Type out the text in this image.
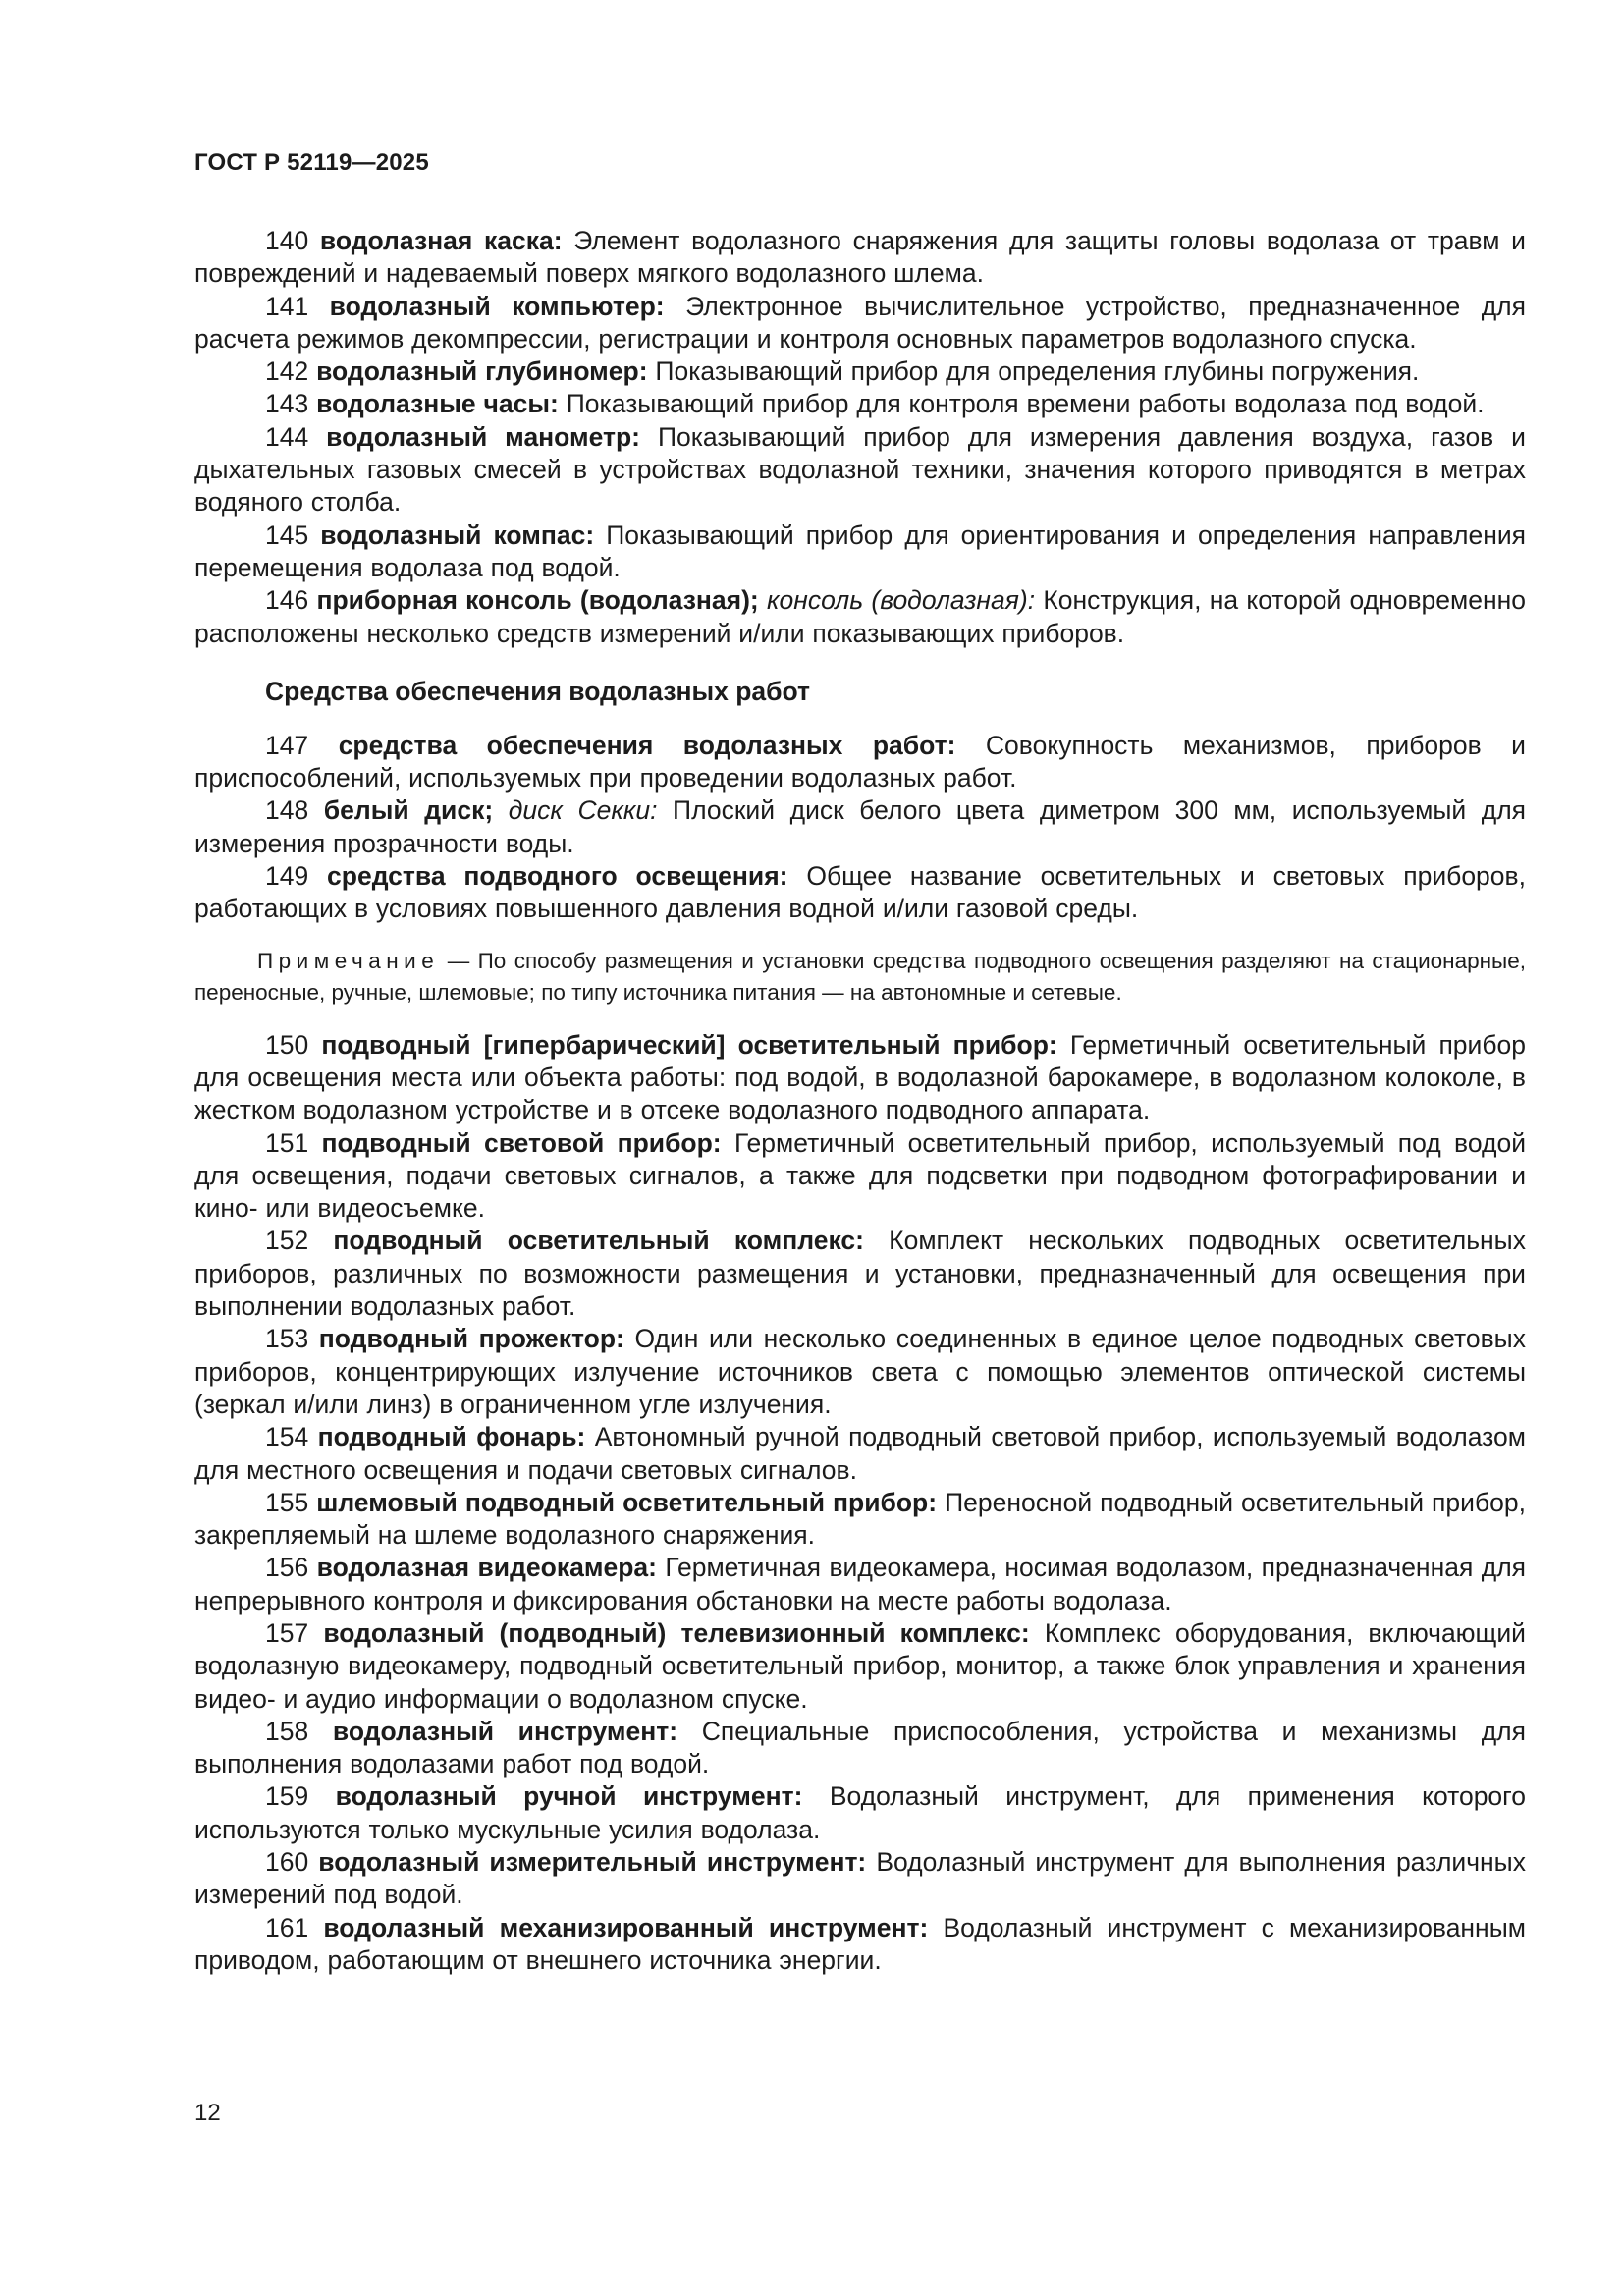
ГОСТ Р 52119—2025

140 водолазная каска: Элемент водолазного снаряжения для защиты головы водолаза от травм и повреждений и надеваемый поверх мягкого водолазного шлема.

141 водолазный компьютер: Электронное вычислительное устройство, предназначенное для расчета режимов декомпрессии, регистрации и контроля основных параметров водолазного спуска.

142 водолазный глубиномер: Показывающий прибор для определения глубины погружения.

143 водолазные часы: Показывающий прибор для контроля времени работы водолаза под водой.

144 водолазный манометр: Показывающий прибор для измерения давления воздуха, газов и дыхательных газовых смесей в устройствах водолазной техники, значения которого приводятся в метрах водяного столба.

145 водолазный компас: Показывающий прибор для ориентирования и определения направления перемещения водолаза под водой.

146 приборная консоль (водолазная); консоль (водолазная): Конструкция, на которой одновременно расположены несколько средств измерений и/или показывающих приборов.

Средства обеспечения водолазных работ

147 средства обеспечения водолазных работ: Совокупность механизмов, приборов и приспособлений, используемых при проведении водолазных работ.

148 белый диск; диск Секки: Плоский диск белого цвета диметром 300 мм, используемый для измерения прозрачности воды.

149 средства подводного освещения: Общее название осветительных и световых приборов, работающих в условиях повышенного давления водной и/или газовой среды.

Примечание — По способу размещения и установки средства подводного освещения разделяют на стационарные, переносные, ручные, шлемовые; по типу источника питания — на автономные и сетевые.

150 подводный [гипербарический] осветительный прибор: Герметичный осветительный прибор для освещения места или объекта работы: под водой, в водолазной барокамере, в водолазном колоколе, в жестком водолазном устройстве и в отсеке водолазного подводного аппарата.

151 подводный световой прибор: Герметичный осветительный прибор, используемый под водой для освещения, подачи световых сигналов, а также для подсветки при подводном фотографировании и кино- или видеосъемке.

152 подводный осветительный комплекс: Комплект нескольких подводных осветительных приборов, различных по возможности размещения и установки, предназначенный для освещения при выполнении водолазных работ.

153 подводный прожектор: Один или несколько соединенных в единое целое подводных световых приборов, концентрирующих излучение источников света с помощью элементов оптической системы (зеркал и/или линз) в ограниченном угле излучения.

154 подводный фонарь: Автономный ручной подводный световой прибор, используемый водолазом для местного освещения и подачи световых сигналов.

155 шлемовый подводный осветительный прибор: Переносной подводный осветительный прибор, закрепляемый на шлеме водолазного снаряжения.

156 водолазная видеокамера: Герметичная видеокамера, носимая водолазом, предназначенная для непрерывного контроля и фиксирования обстановки на месте работы водолаза.

157 водолазный (подводный) телевизионный комплекс: Комплекс оборудования, включающий водолазную видеокамеру, подводный осветительный прибор, монитор, а также блок управления и хранения видео- и аудио информации о водолазном спуске.

158 водолазный инструмент: Специальные приспособления, устройства и механизмы для выполнения водолазами работ под водой.

159 водолазный ручной инструмент: Водолазный инструмент, для применения которого используются только мускульные усилия водолаза.

160 водолазный измерительный инструмент: Водолазный инструмент для выполнения различных измерений под водой.

161 водолазный механизированный инструмент: Водолазный инструмент с механизированным приводом, работающим от внешнего источника энергии.

12
